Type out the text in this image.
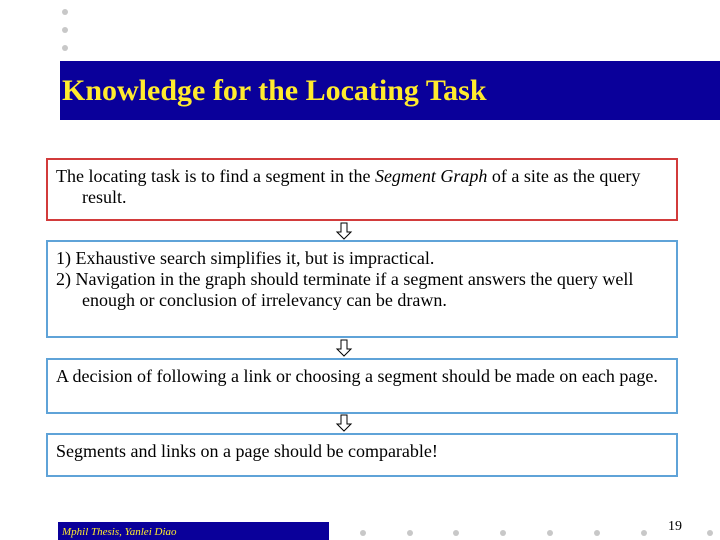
Knowledge for the Locating Task

The locating task is to find a segment in the Segment Graph of a site as the query result.

1) Exhaustive search simplifies it, but is impractical.

2) Navigation in the graph should terminate if a segment answers the query well enough or conclusion of irrelevancy can be drawn.

A decision of following a link or choosing a segment should be made on each page.

Segments and links on a page should be comparable!

Mphil Thesis, Yanlei Diao	19
